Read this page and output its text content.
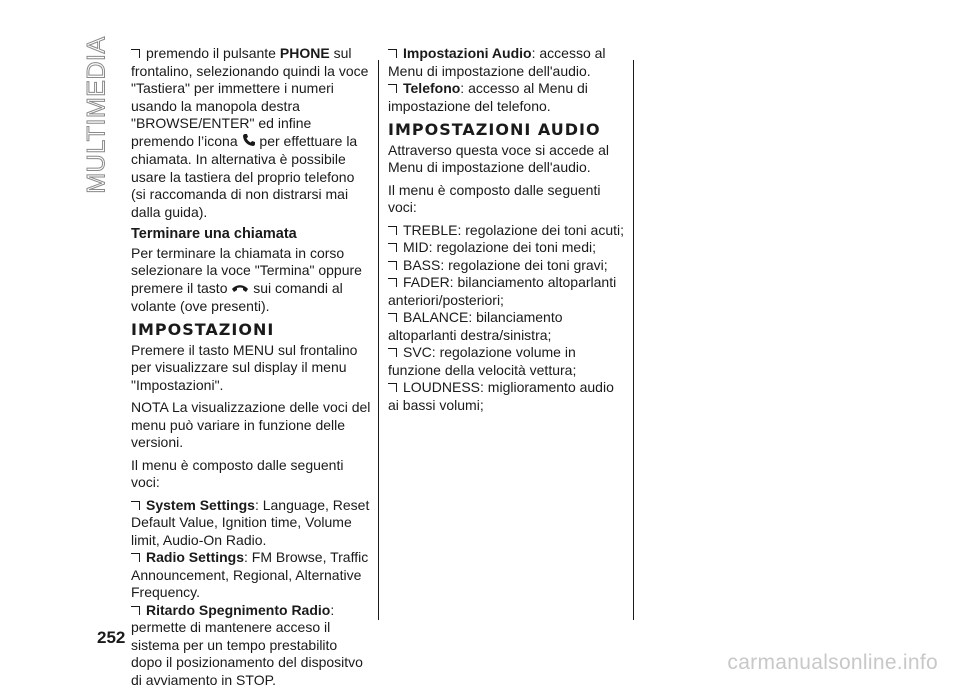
MULTIMEDIA	premendo il pulsante PHONE sul frontalino, selezionando quindi la voce "Tastiera" per immettere i numeri usando la manopola destra "BROWSE/ENTER" ed infine premendo l’icona per effettuare la chiamata. In alternativa è possibile usare la tastiera del proprio telefono (si raccomanda di non distrarsi mai dalla guida).

Terminare una chiamata

Per terminare la chiamata in corso selezionare la voce "Termina" oppure premere il tasto sui comandi al volante (ove presenti).

IMPOSTAZIONI

Premere il tasto MENU sul frontalino per visualizzare sul display il menu "Impostazioni".

NOTA La visualizzazione delle voci del menu può variare in funzione delle versioni.

Il menu è composto dalle seguenti voci:

System Settings: Language, Reset Default Value, Ignition time, Volume limit, Audio-On Radio.

Radio Settings: FM Browse, Traffic Announcement, Regional, Alternative Frequency.

Ritardo Spegnimento Radio: permette di mantenere acceso il sistema per un tempo prestabilito dopo il posizionamento del dispositvo di avviamento in STOP.

Impostazioni Audio: accesso al Menu di impostazione dell'audio.

Telefono: accesso al Menu di impostazione del telefono.

IMPOSTAZIONI AUDIO

Attraverso questa voce si accede al Menu di impostazione dell'audio.

Il menu è composto dalle seguenti voci:

TREBLE: regolazione dei toni acuti;

MID: regolazione dei toni medi;

BASS: regolazione dei toni gravi;

FADER: bilanciamento altoparlanti anteriori/posteriori;

BALANCE: bilanciamento altoparlanti destra/sinistra;

SVC: regolazione volume in funzione della velocità vettura;

LOUDNESS: miglioramento audio ai bassi volumi;

252
carmanualsonline.info
